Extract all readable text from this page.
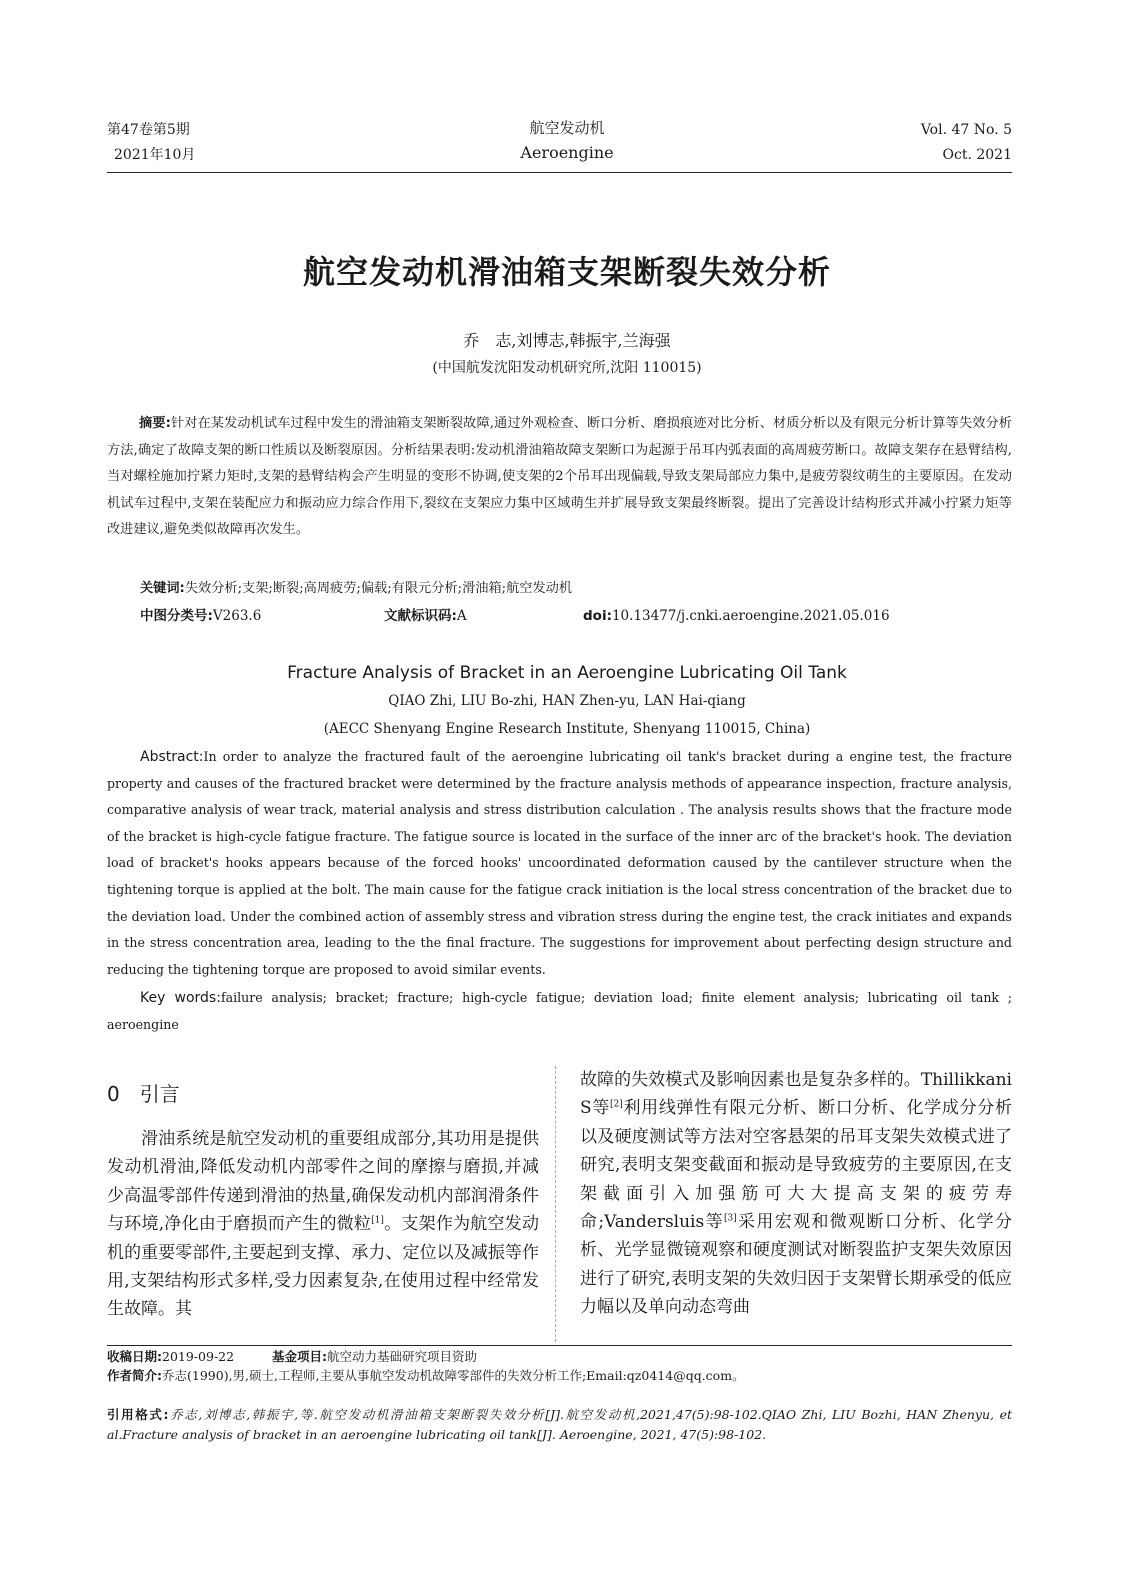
第47卷第5期
2021年10月
航空发动机
Aeroengine
Vol. 47 No. 5
Oct. 2021
航空发动机滑油箱支架断裂失效分析
乔　志,刘博志,韩振宇,兰海强
(中国航发沈阳发动机研究所,沈阳 110015)
摘要:针对在某发动机试车过程中发生的滑油箱支架断裂故障,通过外观检查、断口分析、磨损痕迹对比分析、材质分析以及有限元分析计算等失效分析方法,确定了故障支架的断口性质以及断裂原因。分析结果表明:发动机滑油箱故障支架断口为起源于吊耳内弧表面的高周疲劳断口。故障支架存在悬臂结构,当对螺栓施加拧紧力矩时,支架的悬臂结构会产生明显的变形不协调,使支架的2个吊耳出现偏载,导致支架局部应力集中,是疲劳裂纹萌生的主要原因。在发动机试车过程中,支架在装配应力和振动应力综合作用下,裂纹在支架应力集中区域萌生并扩展导致支架最终断裂。提出了完善设计结构形式并减小拧紧力矩等改进建议,避免类似故障再次发生。
关键词:失效分析;支架;断裂;高周疲劳;偏载;有限元分析;滑油箱;航空发动机
中图分类号:V263.6	文献标识码:A	doi:10.13477/j.cnki.aeroengine.2021.05.016
Fracture Analysis of Bracket in an Aeroengine Lubricating Oil Tank
QIAO Zhi, LIU Bo-zhi, HAN Zhen-yu, LAN Hai-qiang
(AECC Shenyang Engine Research Institute, Shenyang 110015, China)
Abstract:In order to analyze the fractured fault of the aeroengine lubricating oil tank's bracket during a engine test, the fracture property and causes of the fractured bracket were determined by the fracture analysis methods of appearance inspection, fracture analysis, comparative analysis of wear track, material analysis and stress distribution calculation . The analysis results shows that the fracture mode of the bracket is high-cycle fatigue fracture. The fatigue source is located in the surface of the inner arc of the bracket's hook. The deviation load of bracket's hooks appears because of the forced hooks' uncoordinated deformation caused by the cantilever structure when the tightening torque is applied at the bolt. The main cause for the fatigue crack initiation is the local stress concentration of the bracket due to the deviation load. Under the combined action of assembly stress and vibration stress during the engine test, the crack initiates and expands in the stress concentration area, leading to the the final fracture. The suggestions for improvement about perfecting design structure and reducing the tightening torque are proposed to avoid similar events.
Key words:failure analysis; bracket; fracture; high-cycle fatigue; deviation load; finite element analysis; lubricating oil tank ; aeroengine
0　引言
滑油系统是航空发动机的重要组成部分,其功用是提供发动机滑油,降低发动机内部零件之间的摩擦与磨损,并减少高温零部件传递到滑油的热量,确保发动机内部润滑条件与环境,净化由于磨损而产生的微粒[1]。支架作为航空发动机的重要零部件,主要起到支撑、承力、定位以及减振等作用,支架结构形式多样,受力因素复杂,在使用过程中经常发生故障。其
故障的失效模式及影响因素也是复杂多样的。Thillikkani S等[2]利用线弹性有限元分析、断口分析、化学成分分析以及硬度测试等方法对空客悬架的吊耳支架失效模式进了研究,表明支架变截面和振动是导致疲劳的主要原因,在支架截面引入加强筋可大大提高支架的疲劳寿命;Vandersluis等[3]采用宏观和微观断口分析、化学分析、光学显微镜观察和硬度测试对断裂监护支架失效原因进行了研究,表明支架的失效归因于支架臂长期承受的低应力幅以及单向动态弯曲
收稿日期:2019-09-22	基金项目:航空动力基础研究项目资助
作者简介:乔志(1990),男,硕士,工程师,主要从事航空发动机故障零部件的失效分析工作;Email:qz0414@qq.com。
引用格式:乔志,刘博志,韩振宇,等.航空发动机滑油箱支架断裂失效分析[J].航空发动机,2021,47(5):98-102.QIAO Zhi, LIU Bozhi, HAN Zhenyu, et al.Fracture analysis of bracket in an aeroengine lubricating oil tank[J]. Aeroengine, 2021, 47(5):98-102.
